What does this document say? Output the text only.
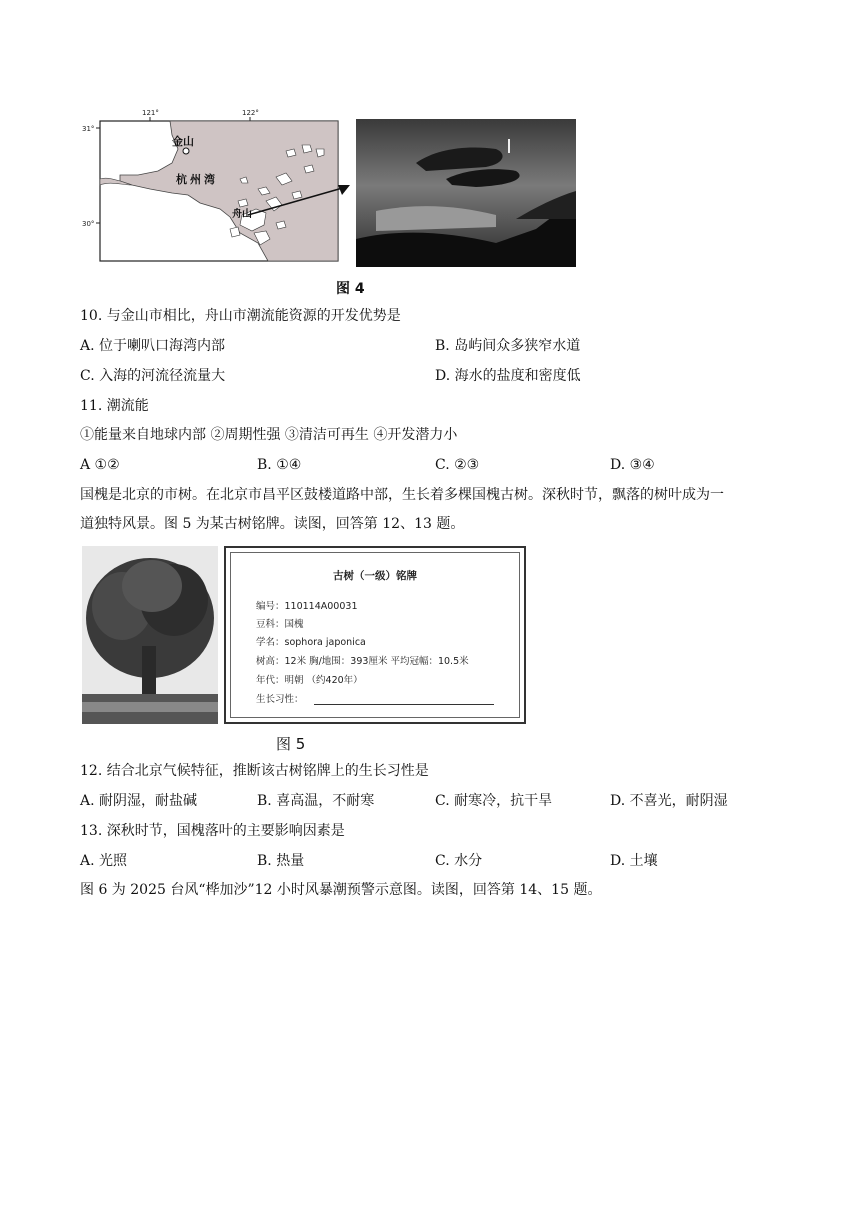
121°	122°
31°
30°
金山
杭州湾
舟山
图 4
10. 与金山市相比，舟山市潮流能资源的开发优势是
A. 位于喇叭口海湾内部	B. 岛屿间众多狭窄水道
C. 入海的河流径流量大	D. 海水的盐度和密度低
11. 潮流能
①能量来自地球内部 ②周期性强 ③清洁可再生 ④开发潜力小
A ①②	B. ①④	C. ②③	D. ③④
国槐是北京的市树。在北京市昌平区鼓楼道路中部，生长着多棵国槐古树。深秋时节，飘落的树叶成为一
道独特风景。图 5 为某古树铭牌。读图，回答第 12、13 题。
古树（一级）铭牌
编号：110114A00031
豆科：国槐
学名：sophora japonica
树高：12米 胸/地围：393厘米 平均冠幅：10.5米
年代：明朝 （约420年）
生长习性：
图 5
12. 结合北京气候特征，推断该古树铭牌上的生长习性是
A. 耐阴湿，耐盐碱	B. 喜高温，不耐寒	C. 耐寒冷，抗干旱	D. 不喜光，耐阴湿
13. 深秋时节，国槐落叶的主要影响因素是
A. 光照	B. 热量	C. 水分	D. 土壤
图 6 为 2025 台风“桦加沙”12 小时风暴潮预警示意图。读图，回答第 14、15 题。
